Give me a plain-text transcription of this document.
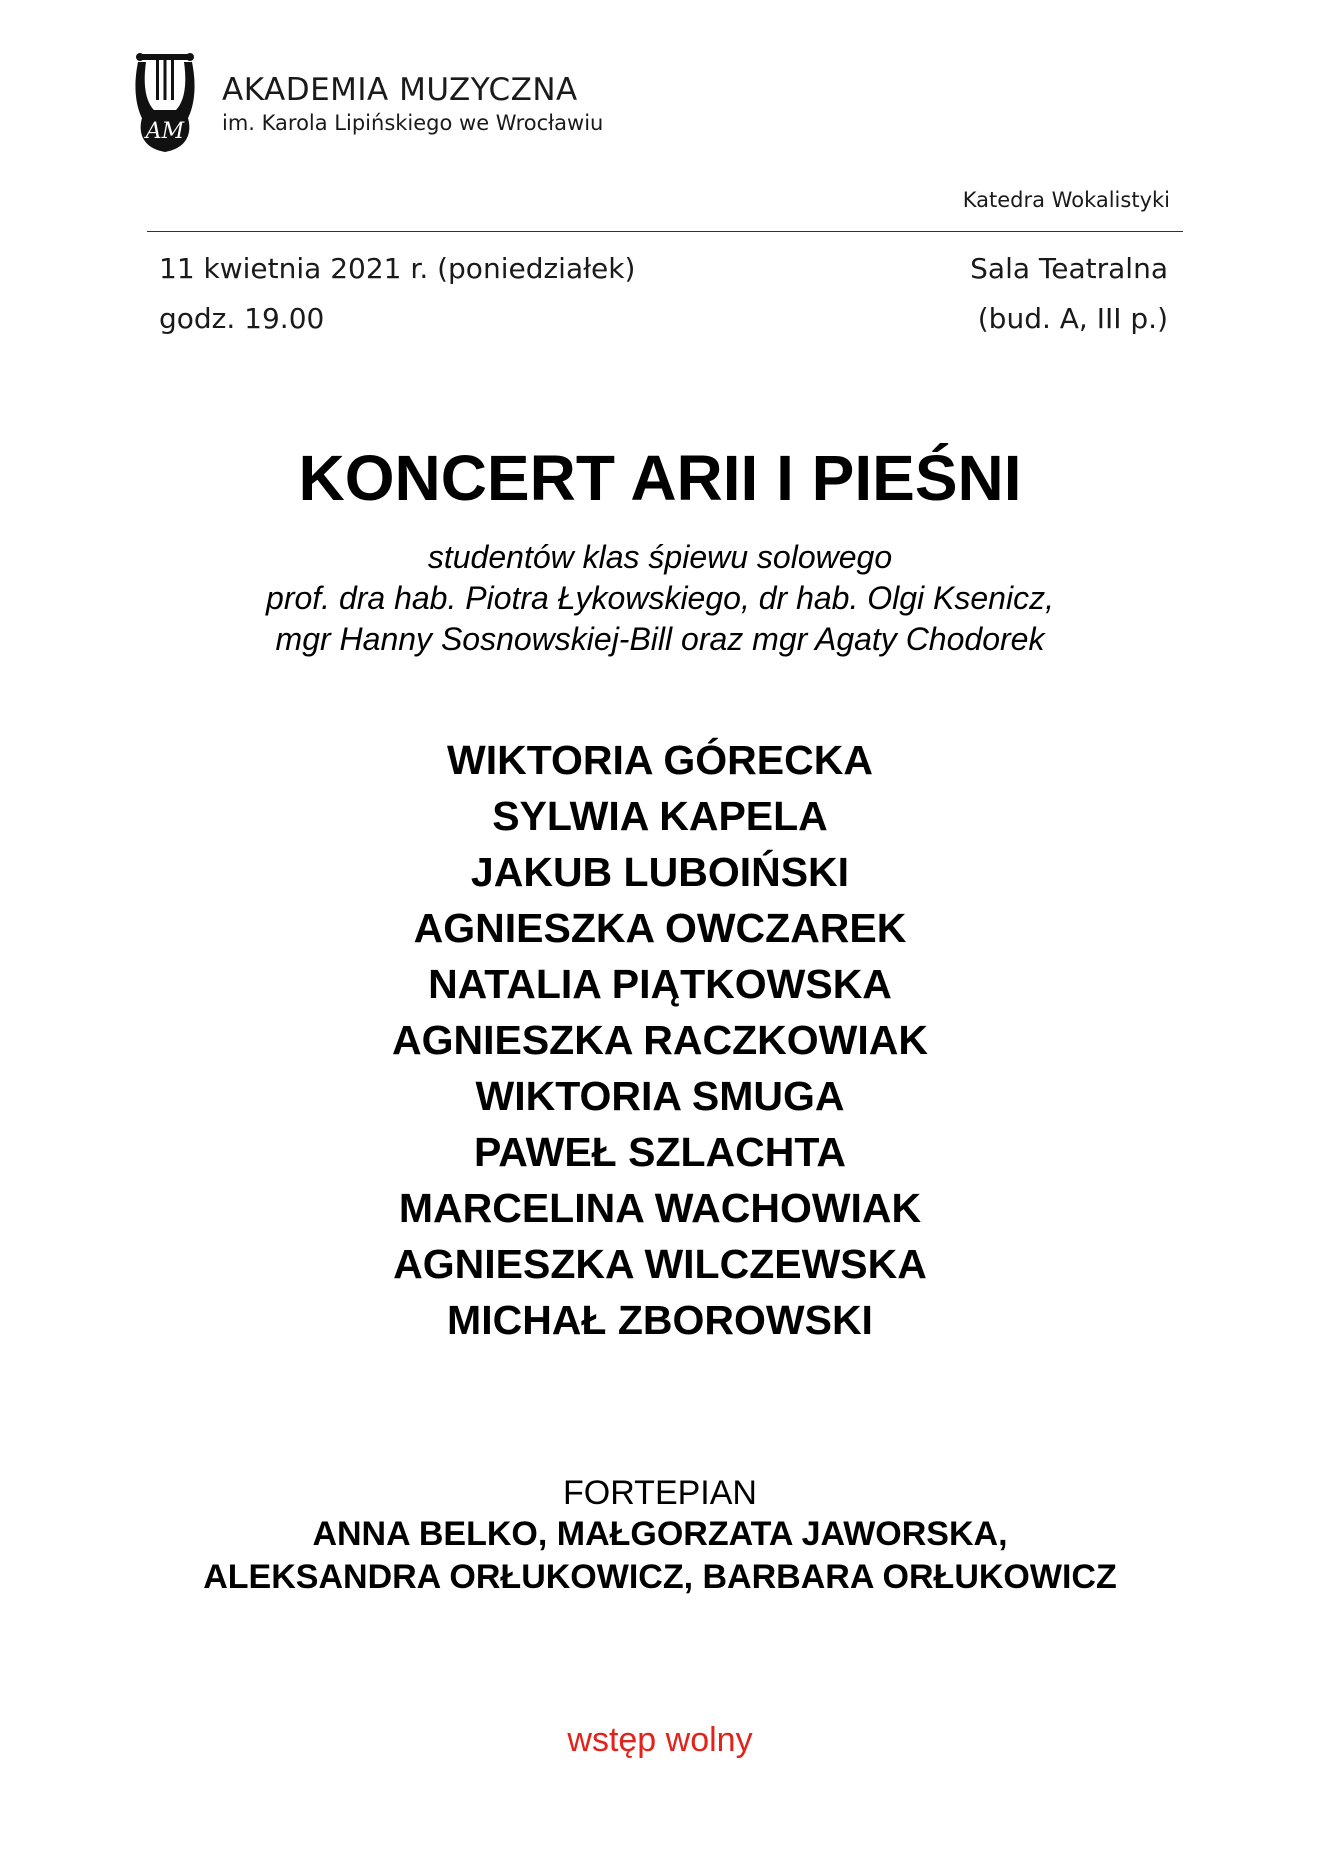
AM
AKADEMIA MUZYCZNA
im. Karola Lipińskiego we Wrocławiu
Katedra Wokalistyki
11 kwietnia 2021 r. (poniedziałek)
godz. 19.00
Sala Teatralna
(bud. A, III p.)
KONCERT ARII I PIEŚNI
studentów klas śpiewu solowego
prof. dra hab. Piotra Łykowskiego, dr hab. Olgi Ksenicz,
mgr Hanny Sosnowskiej-Bill oraz mgr Agaty Chodorek
WIKTORIA GÓRECKA
SYLWIA KAPELA
JAKUB LUBOIŃSKI
AGNIESZKA OWCZAREK
NATALIA PIĄTKOWSKA
AGNIESZKA RACZKOWIAK
WIKTORIA SMUGA
PAWEŁ SZLACHTA
MARCELINA WACHOWIAK
AGNIESZKA WILCZEWSKA
MICHAŁ ZBOROWSKI
FORTEPIAN
ANNA BELKO, MAŁGORZATA JAWORSKA,
ALEKSANDRA ORŁUKOWICZ, BARBARA ORŁUKOWICZ
wstęp wolny
